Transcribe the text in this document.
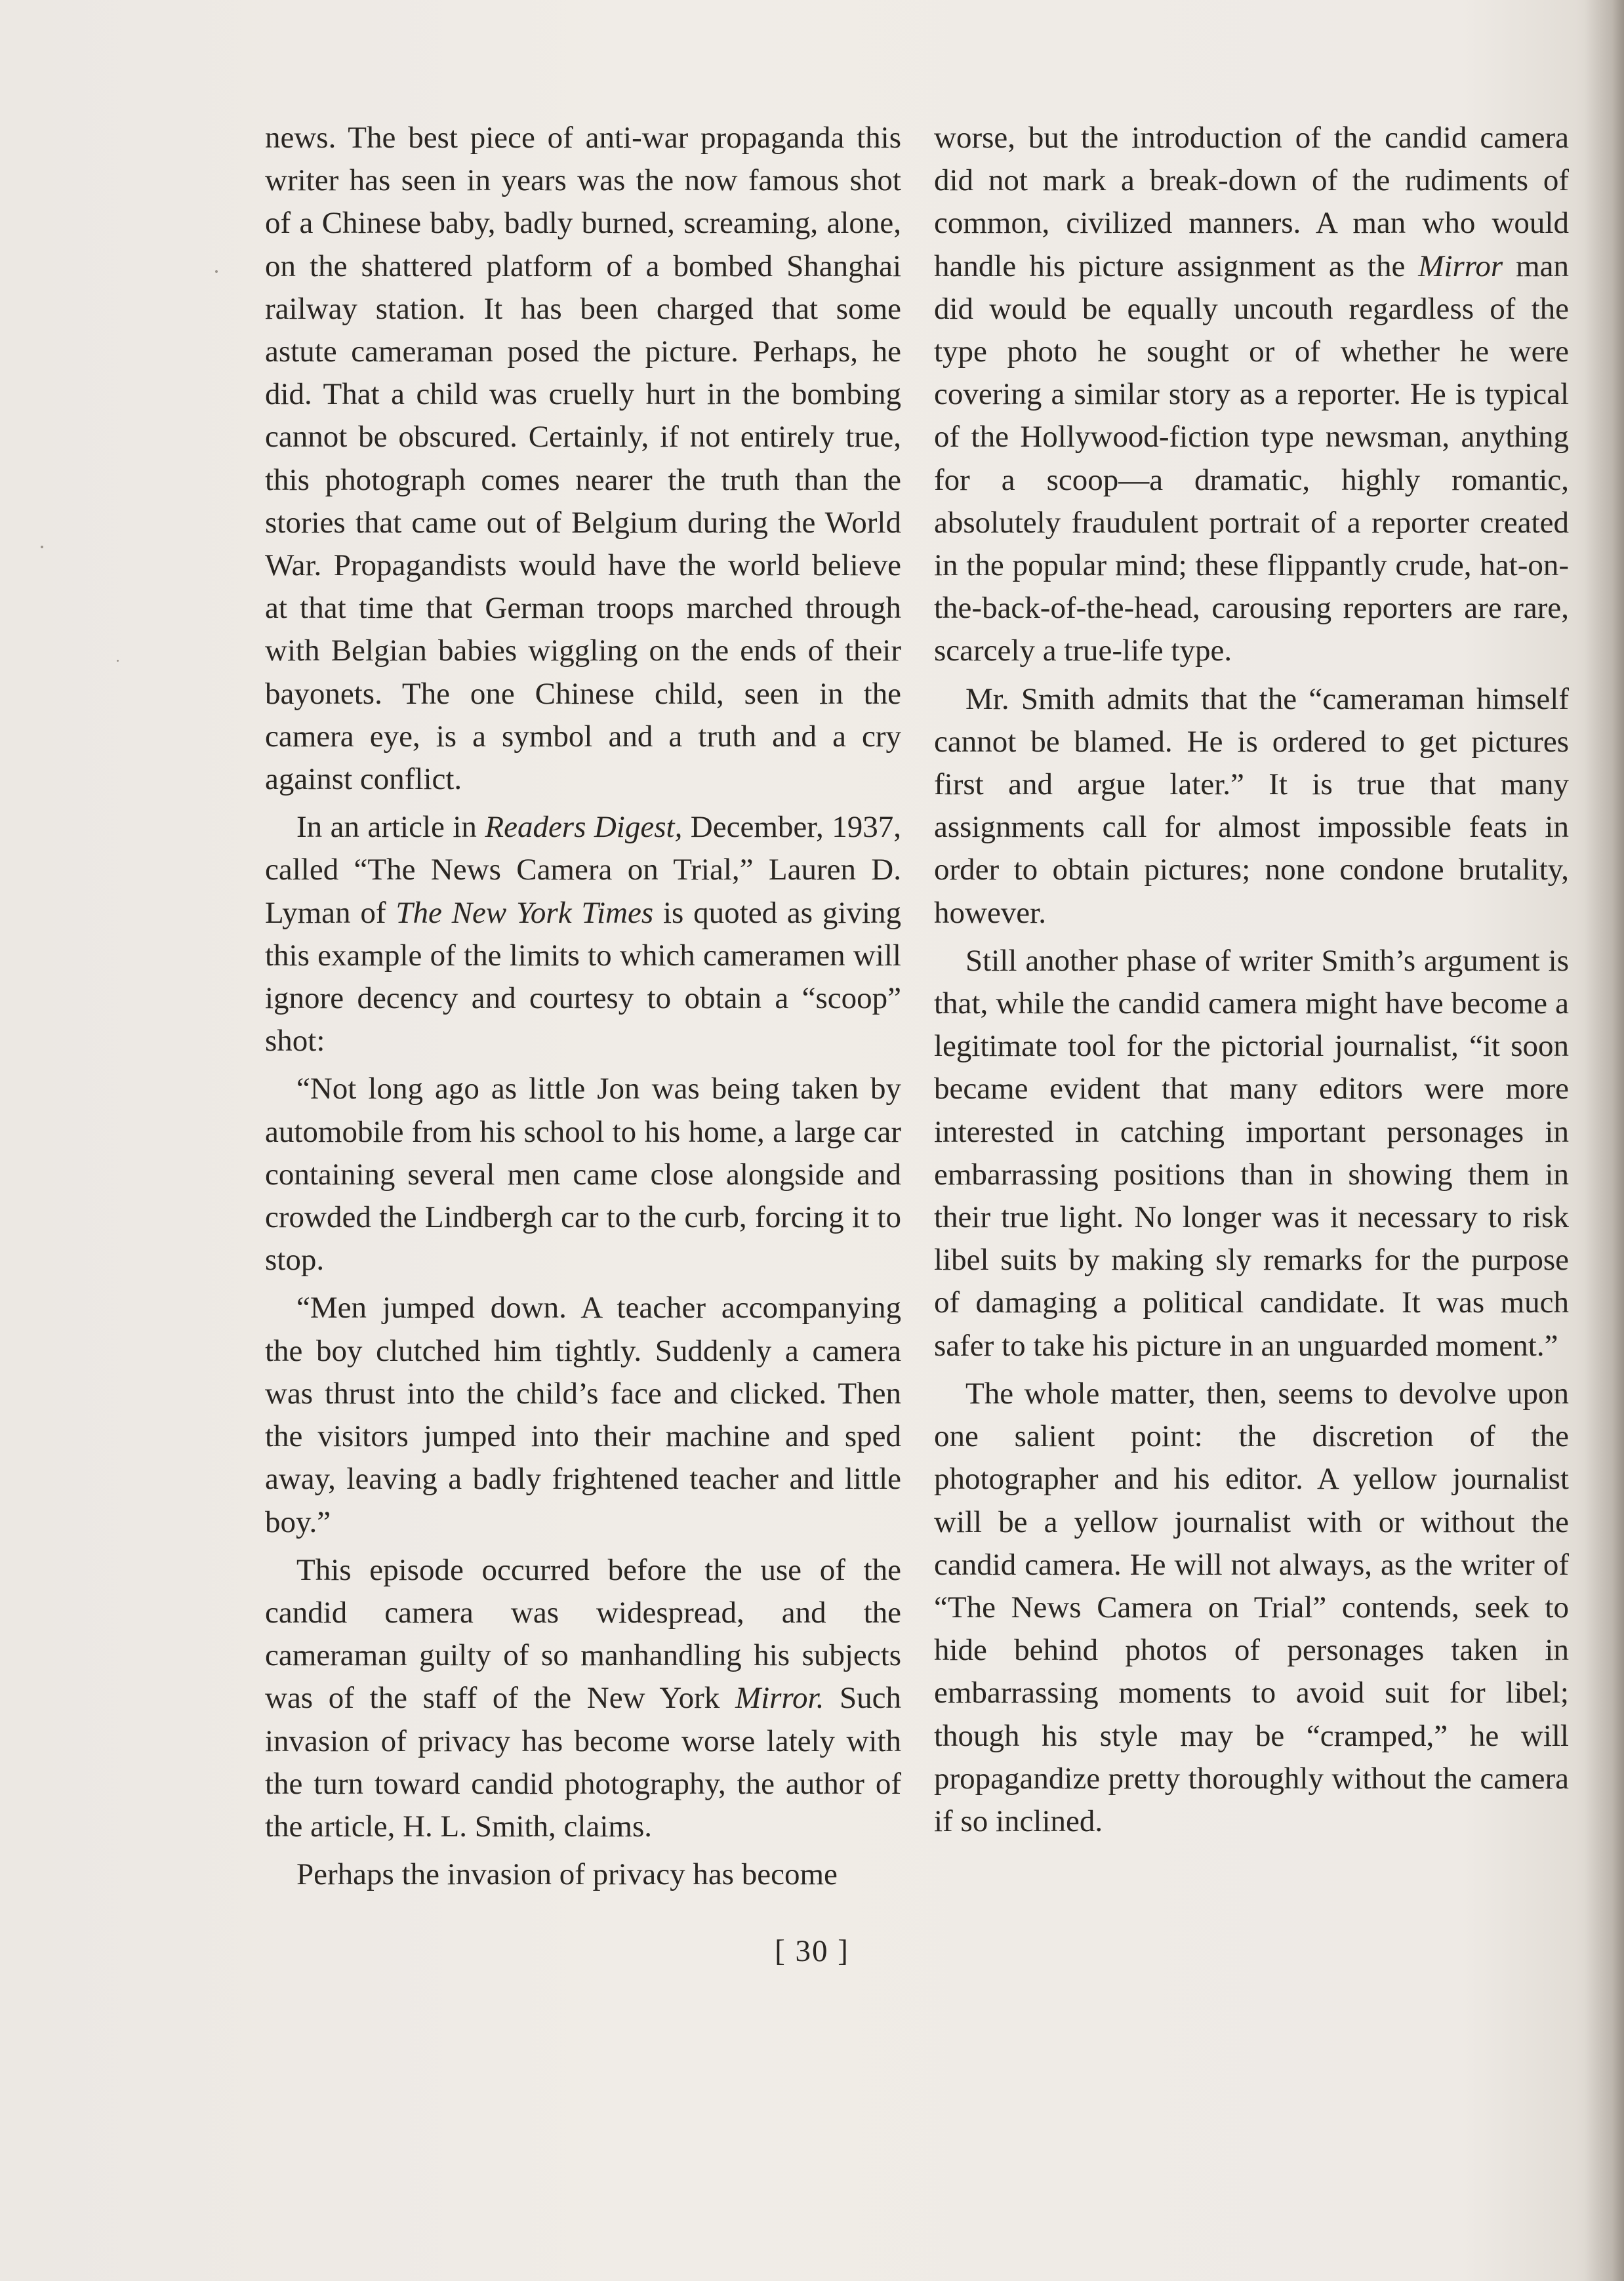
news. The best piece of anti-war propaganda this writer has seen in years was the now famous shot of a Chinese baby, badly burned, screaming, alone, on the shattered platform of a bombed Shanghai railway station. It has been charged that some astute cameraman posed the picture. Perhaps, he did. That a child was cruelly hurt in the bombing cannot be obscured. Certainly, if not entirely true, this photograph comes nearer the truth than the stories that came out of Belgium during the World War. Propagandists would have the world believe at that time that German troops marched through with Belgian babies wiggling on the ends of their bayonets. The one Chinese child, seen in the camera eye, is a symbol and a truth and a cry against conflict.

In an article in Readers Digest, December, 1937, called “The News Camera on Trial,” Lauren D. Lyman of The New York Times is quoted as giving this example of the limits to which cameramen will ignore decency and courtesy to obtain a “scoop” shot:

“Not long ago as little Jon was being taken by automobile from his school to his home, a large car containing several men came close alongside and crowded the Lindbergh car to the curb, forcing it to stop.

“Men jumped down. A teacher accompanying the boy clutched him tightly. Suddenly a camera was thrust into the child’s face and clicked. Then the visitors jumped into their machine and sped away, leaving a badly frightened teacher and little boy.”

This episode occurred before the use of the candid camera was widespread, and the cameraman guilty of so manhandling his subjects was of the staff of the New York Mirror. Such invasion of privacy has become worse lately with the turn toward candid photography, the author of the article, H. L. Smith, claims.

Perhaps the invasion of privacy has become

worse, but the introduction of the candid camera did not mark a break-down of the rudiments of common, civilized manners. A man who would handle his picture assignment as the Mirror man did would be equally uncouth regardless of the type photo he sought or of whether he were covering a similar story as a reporter. He is typical of the Hollywood-fiction type newsman, anything for a scoop—a dramatic, highly romantic, absolutely fraudulent portrait of a reporter created in the popular mind; these flippantly crude, hat-on-the-back-of-the-head, carousing reporters are rare, scarcely a true-life type.

Mr. Smith admits that the “cameraman himself cannot be blamed. He is ordered to get pictures first and argue later.” It is true that many assignments call for almost impossible feats in order to obtain pictures; none condone brutality, however.

Still another phase of writer Smith’s argument is that, while the candid camera might have become a legitimate tool for the pictorial journalist, “it soon became evident that many editors were more interested in catching important personages in embarrassing positions than in showing them in their true light. No longer was it necessary to risk libel suits by making sly remarks for the purpose of damaging a political candidate. It was much safer to take his picture in an unguarded moment.”

The whole matter, then, seems to devolve upon one salient point: the discretion of the photographer and his editor. A yellow journalist will be a yellow journalist with or without the candid camera. He will not always, as the writer of “The News Camera on Trial” contends, seek to hide behind photos of personages taken in embarrassing moments to avoid suit for libel; though his style may be “cramped,” he will propagandize pretty thoroughly without the camera if so inclined.

[ 30 ]
